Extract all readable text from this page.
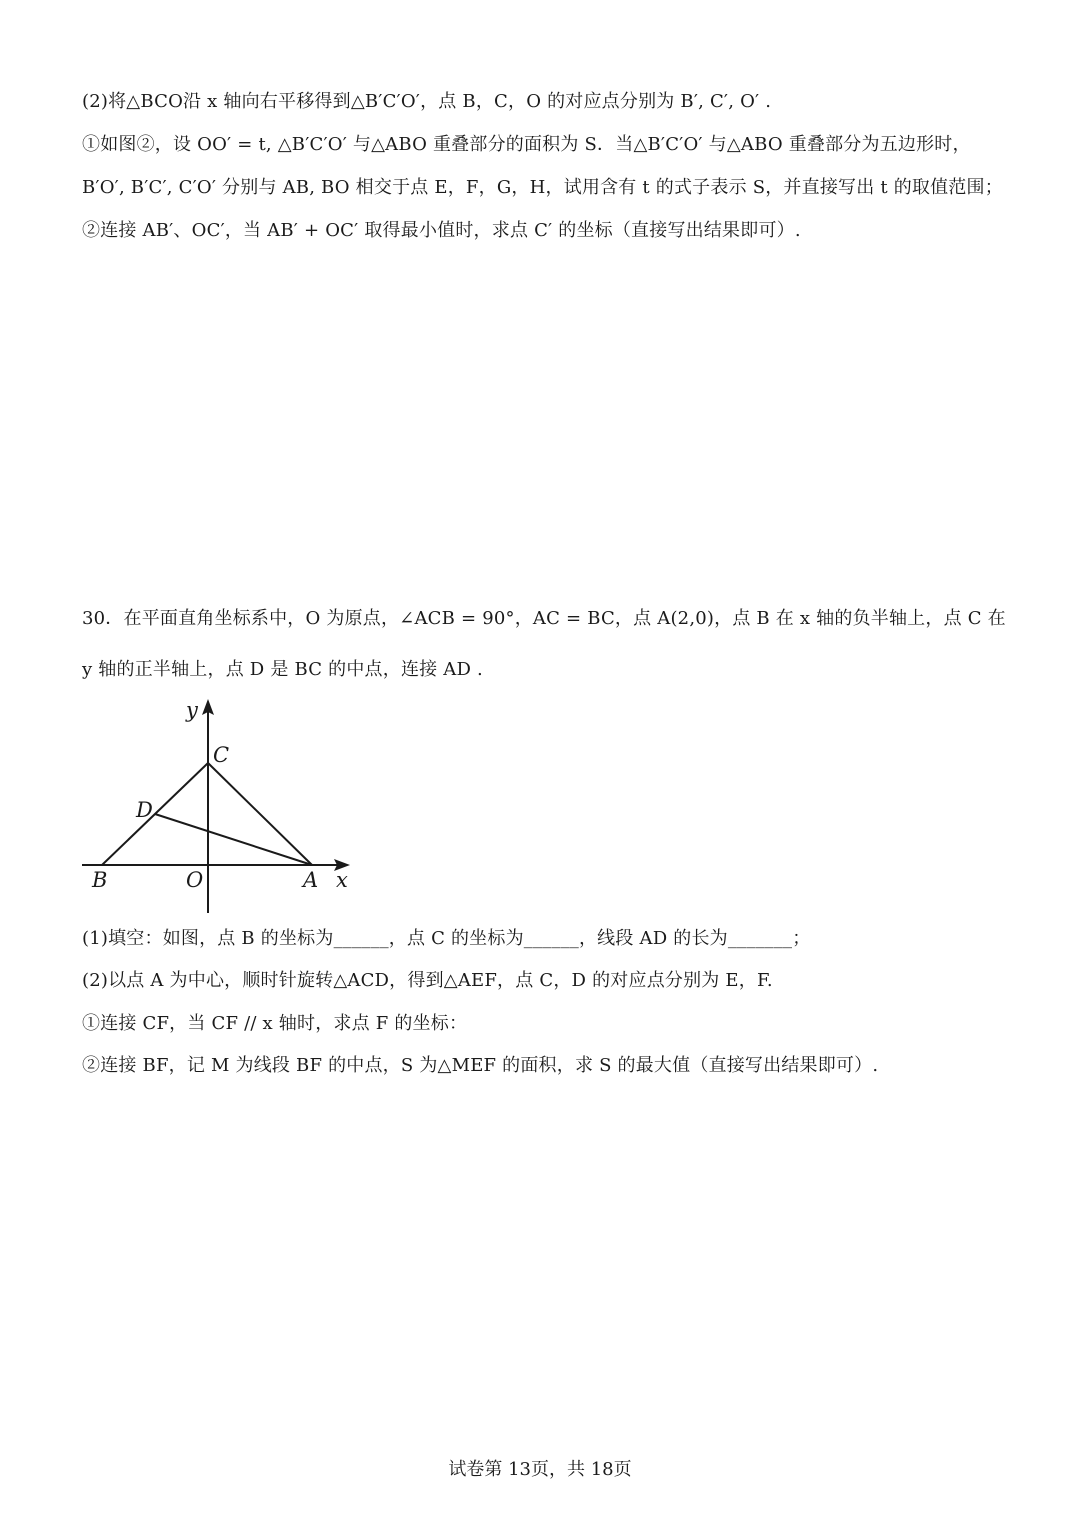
(2)将△BCO沿 x 轴向右平移得到△B′C′O′，点 B，C，O 的对应点分别为 B′, C′, O′ .
①如图②，设 OO′ = t, △B′C′O′ 与△ABO 重叠部分的面积为 S．当△B′C′O′ 与△ABO 重叠部分为五边形时，
B′O′, B′C′, C′O′ 分别与 AB, BO 相交于点 E，F，G，H，试用含有 t 的式子表示 S，并直接写出 t 的取值范围；
②连接 AB′、OC′，当 AB′ + OC′ 取得最小值时，求点 C′ 的坐标（直接写出结果即可）.
30．在平面直角坐标系中，O 为原点，∠ACB = 90°，AC = BC，点 A(2,0)，点 B 在 x 轴的负半轴上，点 C 在
y 轴的正半轴上，点 D 是 BC 的中点，连接 AD .
y
C
D
B	O	A x
(1)填空：如图，点 B 的坐标为______，点 C 的坐标为______，线段 AD 的长为_______；
(2)以点 A 为中心，顺时针旋转△ACD，得到△AEF，点 C，D 的对应点分别为 E，F.
①连接 CF，当 CF // x 轴时，求点 F 的坐标：
②连接 BF，记 M 为线段 BF 的中点，S 为△MEF 的面积，求 S 的最大值（直接写出结果即可）.
试卷第 13页，共 18页
